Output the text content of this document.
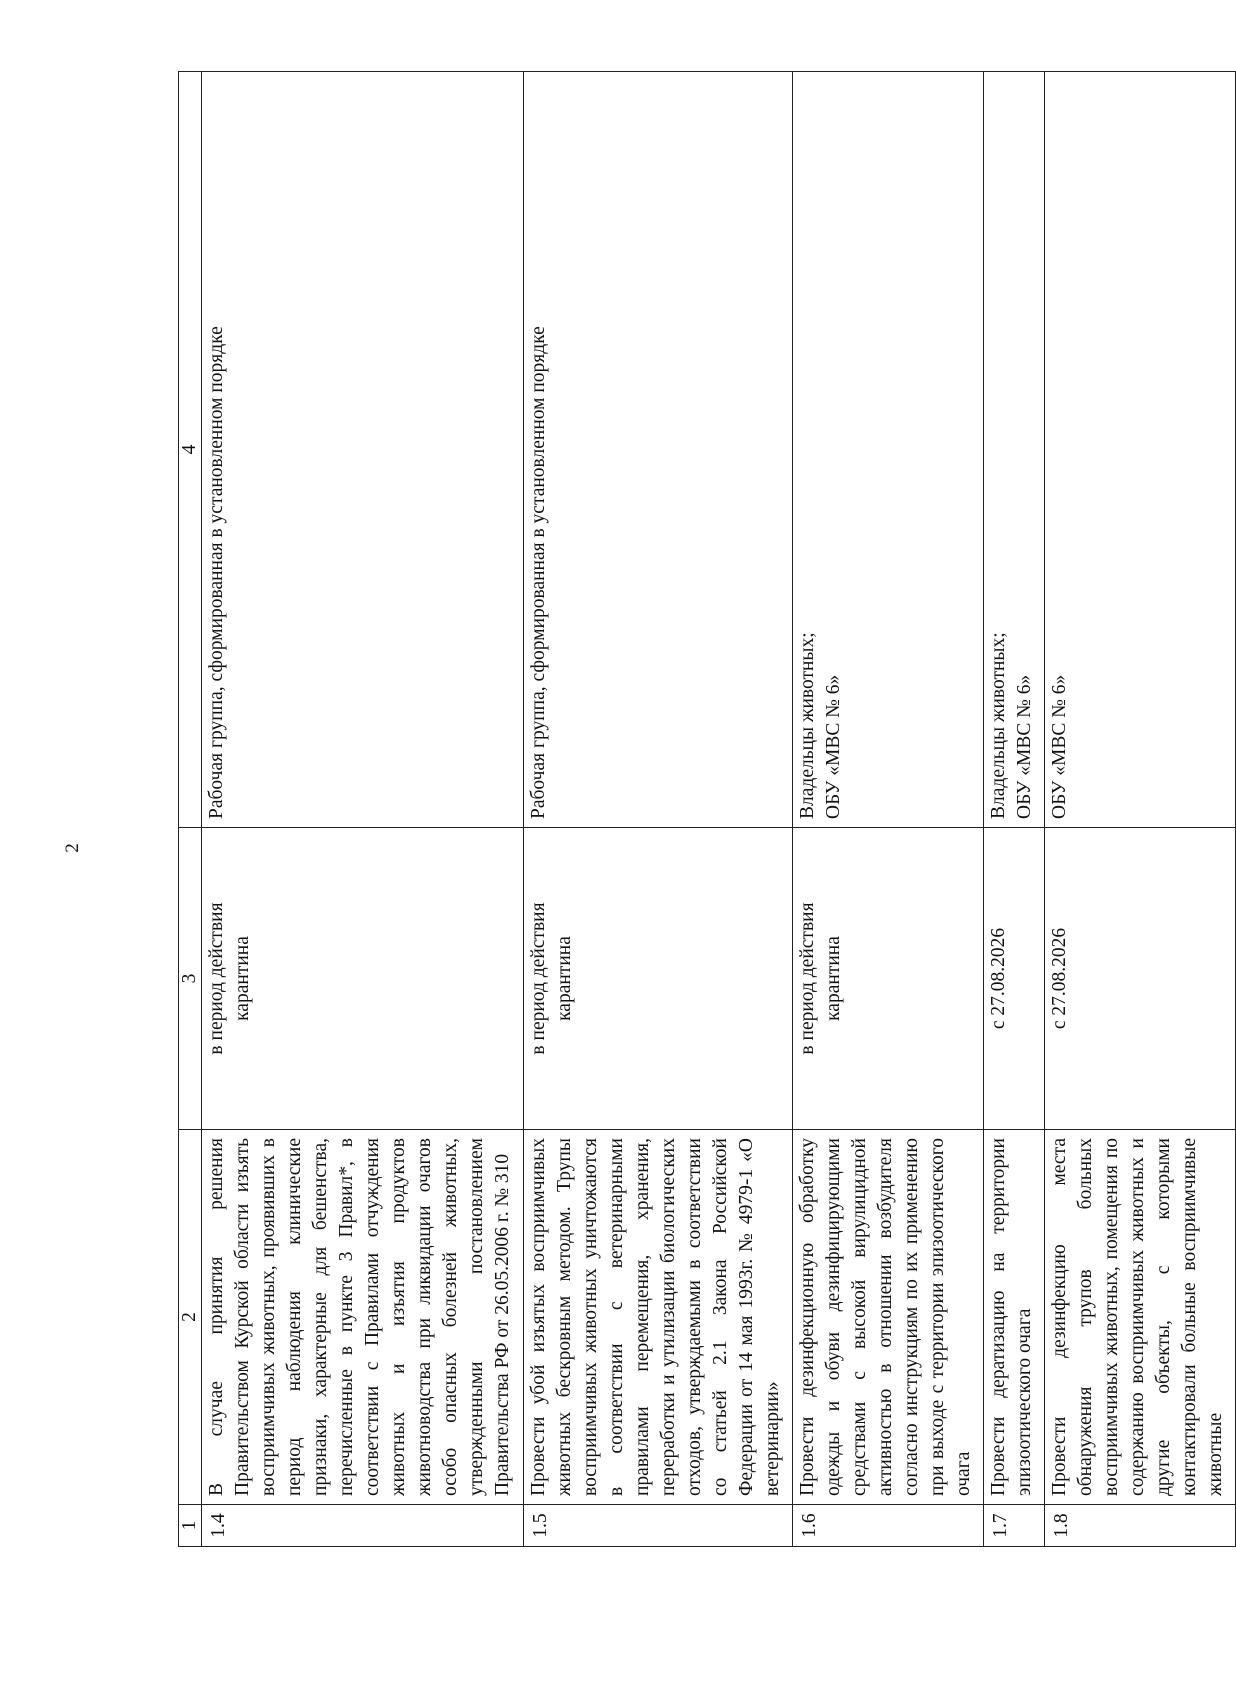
2
1	2	3	4
1.4	В случае принятия решения Правительством Курской области изъять восприимчивых животных, проявивших в период наблюдения клинические признаки, характерные для бешенства, перечисленные в пункте 3 Правил*, в соответствии с Правилами отчуждения животных и изъятия продуктов животноводства при ликвидации очагов особо опасных болезней животных, утвержденными постановлением Правительства РФ от 26.05.2006 г. № 310	в период действия карантина	Рабочая группа, сформированная в установленном порядке

1.5	Провести убой изъятых восприимчивых животных бескровным методом. Трупы восприимчивых животных уничтожаются в соответствии с ветеринарными правилами перемещения, хранения, переработки и утилизации биологических отходов, утверждаемыми в соответствии со статьей 2.1 Закона Российской Федерации от 14 мая 1993г. № 4979-1 «О ветеринарии»	в период действия карантина	Рабочая группа, сформированная в установленном порядке

1.6	Провести дезинфекционную обработку одежды и обуви дезинфицирующими средствами с высокой вирулицидной активностью в отношении возбудителя согласно инструкциям по их применению при выходе с территории эпизоотического очага	в период действия карантина	Владельцы животных; ОБУ «МВС № 6»

1.7	Провести дератизацию на территории эпизоотического очага	с 27.08.2026	Владельцы животных; ОБУ «МВС № 6»

1.8	Провести дезинфекцию места обнаружения трупов больных восприимчивых животных, помещения по содержанию восприимчивых животных и другие объекты, с которыми контактировали больные восприимчивые животные	с 27.08.2026	ОБУ «МВС № 6»
